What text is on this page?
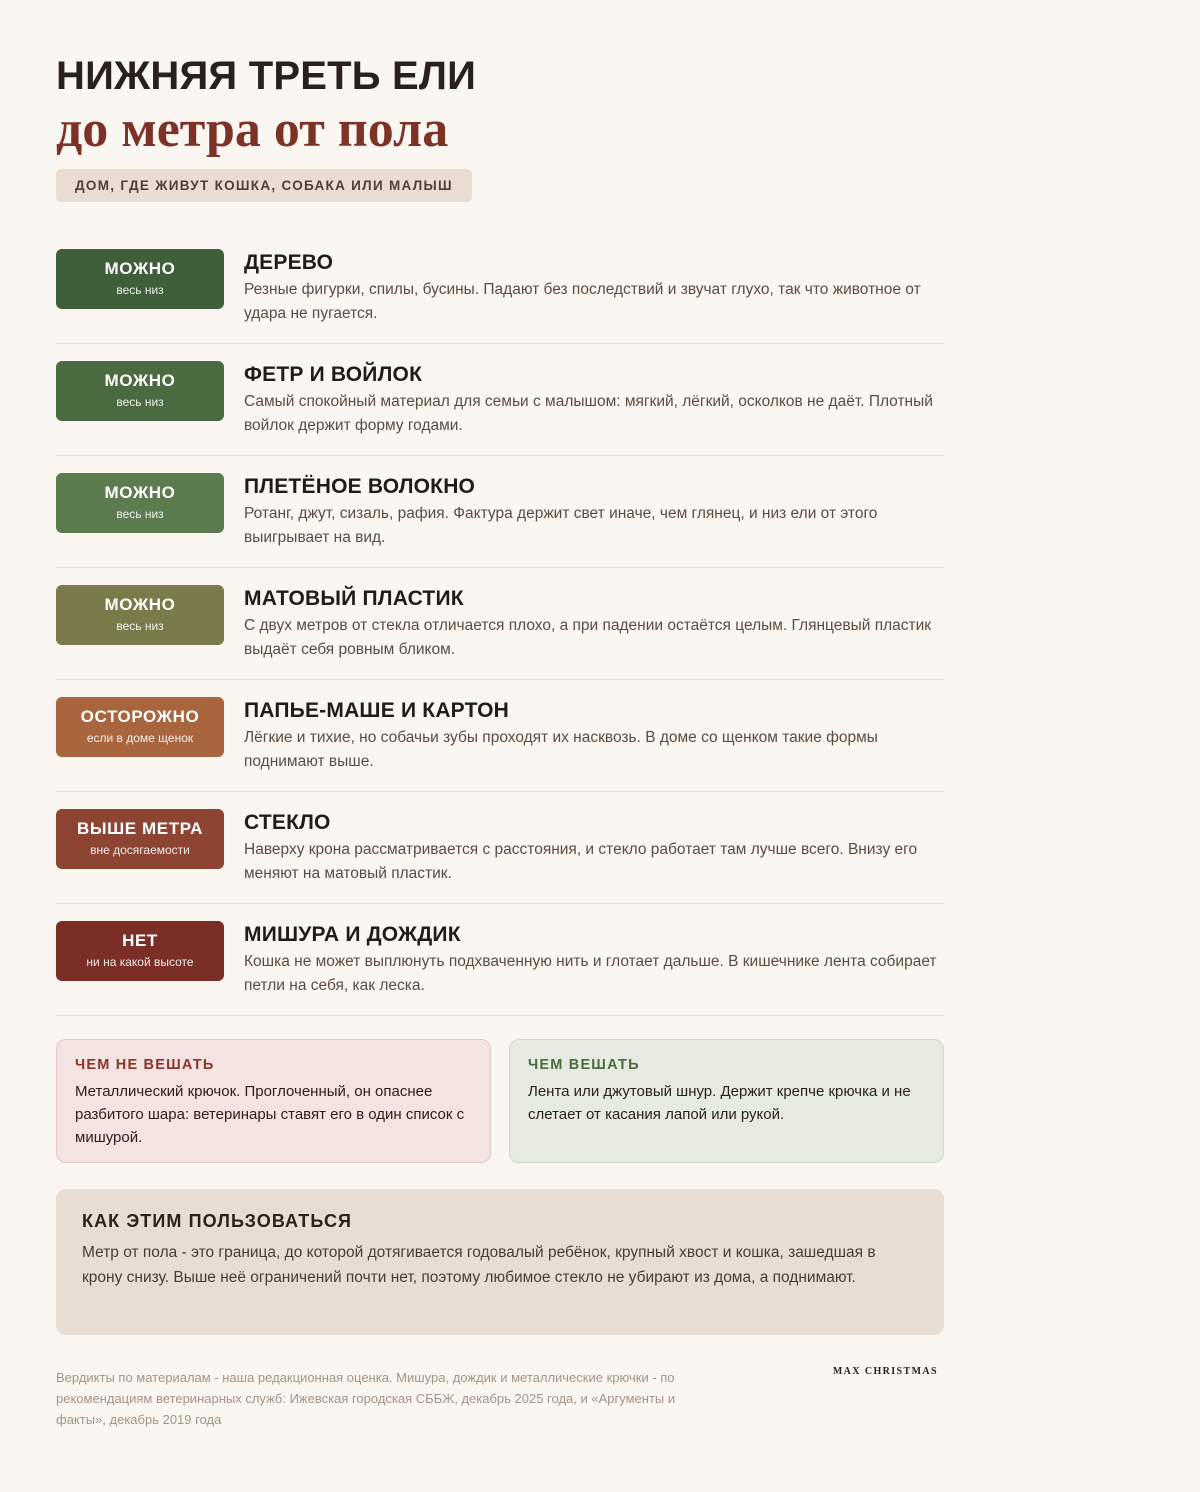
НИЖНЯЯ ТРЕТЬ ЕЛИ
до метра от пола
ДОМ, ГДЕ ЖИВУТ КОШКА, СОБАКА ИЛИ МАЛЫШ
МОЖНО
весь низ
ДЕРЕВО
Резные фигурки, спилы, бусины. Падают без последствий и звучат глухо, так что животное от удара не пугается.
МОЖНО
весь низ
ФЕТР И ВОЙЛОК
Самый спокойный материал для семьи с малышом: мягкий, лёгкий, осколков не даёт. Плотный войлок держит форму годами.
МОЖНО
весь низ
ПЛЕТЁНОЕ ВОЛОКНО
Ротанг, джут, сизаль, рафия. Фактура держит свет иначе, чем глянец, и низ ели от этого выигрывает на вид.
МОЖНО
весь низ
МАТОВЫЙ ПЛАСТИК
С двух метров от стекла отличается плохо, а при падении остаётся целым. Глянцевый пластик выдаёт себя ровным бликом.
ОСТОРОЖНО
если в доме щенок
ПАПЬЕ-МАШЕ И КАРТОН
Лёгкие и тихие, но собачьи зубы проходят их насквозь. В доме со щенком такие формы поднимают выше.
ВЫШЕ МЕТРА
вне досягаемости
СТЕКЛО
Наверху крона рассматривается с расстояния, и стекло работает там лучше всего. Внизу его меняют на матовый пластик.
НЕТ
ни на какой высоте
МИШУРА И ДОЖДИК
Кошка не может выплюнуть подхваченную нить и глотает дальше. В кишечнике лента собирает петли на себя, как леска.
ЧЕМ НЕ ВЕШАТЬ
Металлический крючок. Проглоченный, он опаснее разбитого шара: ветеринары ставят его в один список с мишурой.
ЧЕМ ВЕШАТЬ
Лента или джутовый шнур. Держит крепче крючка и не слетает от касания лапой или рукой.
КАК ЭТИМ ПОЛЬЗОВАТЬСЯ
Метр от пола - это граница, до которой дотягивается годовалый ребёнок, крупный хвост и кошка, зашедшая в крону снизу. Выше неё ограничений почти нет, поэтому любимое стекло не убирают из дома, а поднимают.
Вердикты по материалам - наша редакционная оценка. Мишура, дождик и металлические крючки - по рекомендациям ветеринарных служб: Ижевская городская СББЖ, декабрь 2025 года, и «Аргументы и факты», декабрь 2019 года
MAX CHRISTMAS
